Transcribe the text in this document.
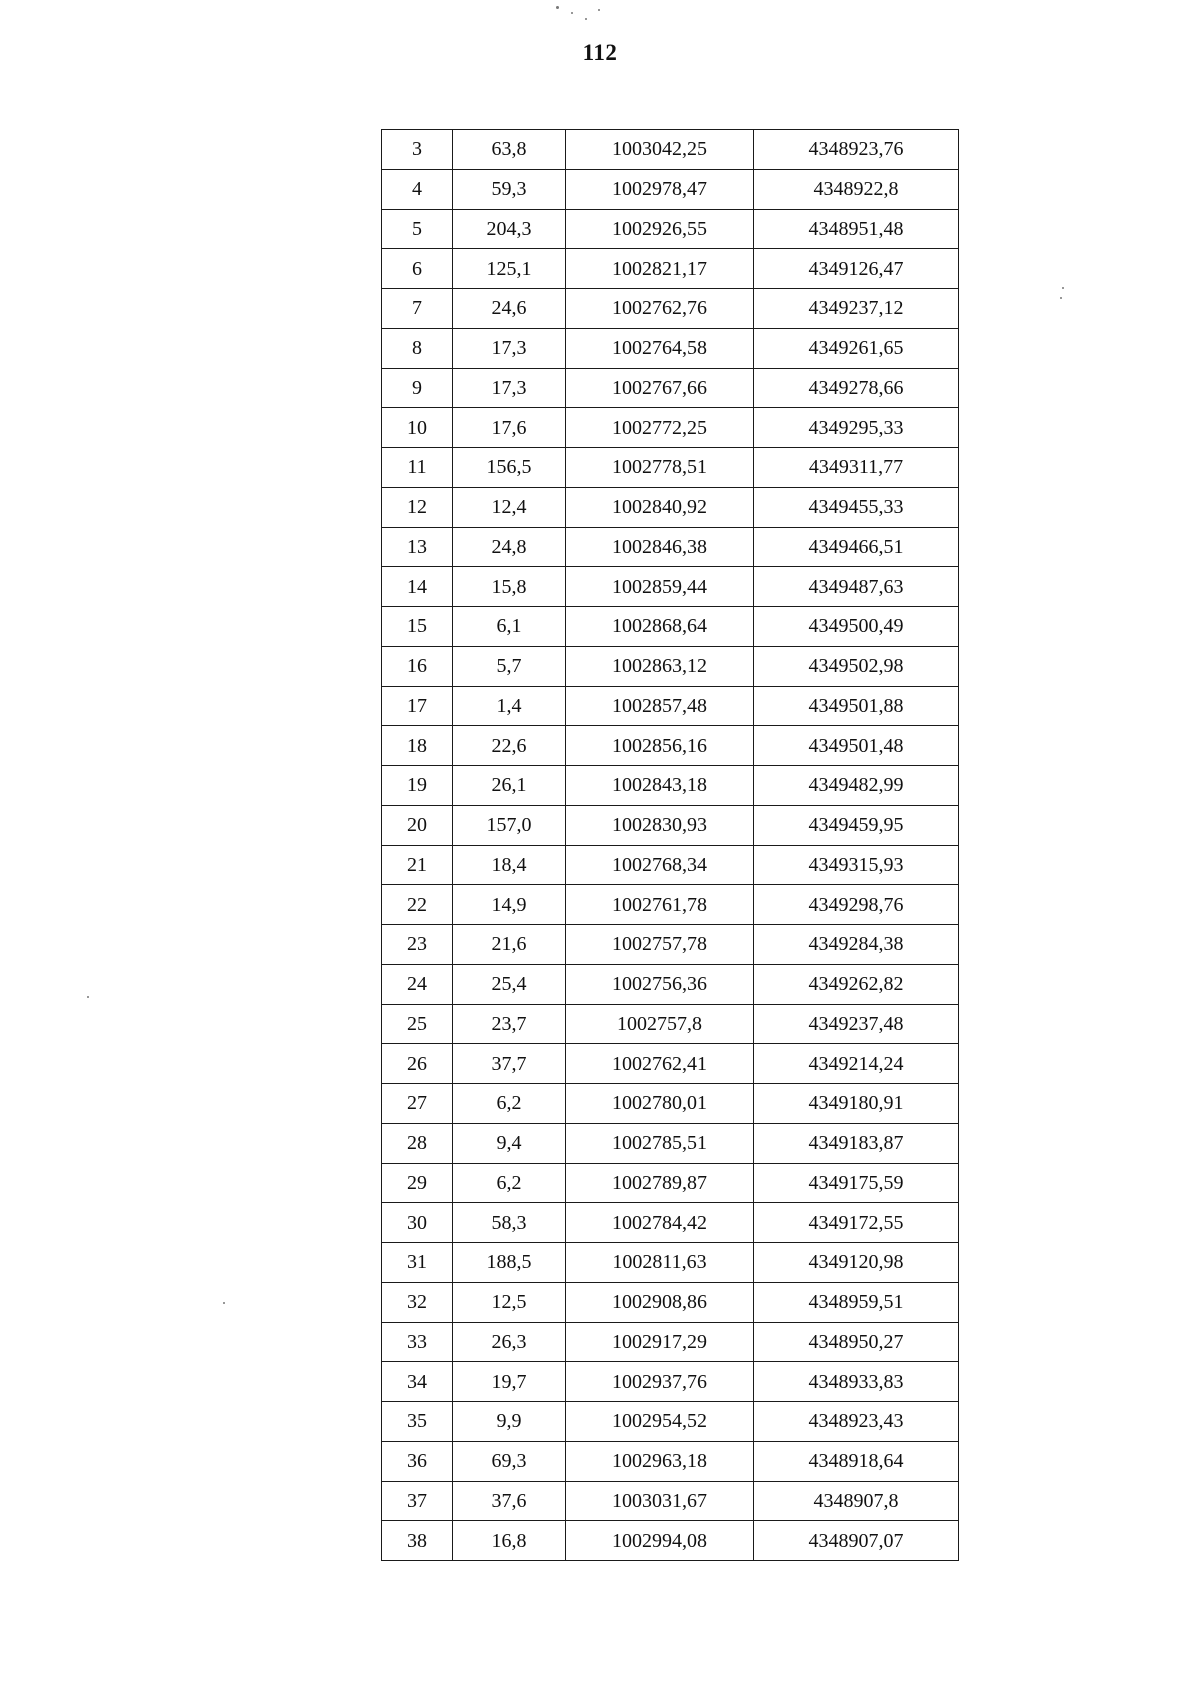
112
3	63,8	1003042,25	4348923,76
4	59,3	1002978,47	4348922,8
5	204,3	1002926,55	4348951,48
6	125,1	1002821,17	4349126,47
7	24,6	1002762,76	4349237,12
8	17,3	1002764,58	4349261,65
9	17,3	1002767,66	4349278,66
10	17,6	1002772,25	4349295,33
11	156,5	1002778,51	4349311,77
12	12,4	1002840,92	4349455,33
13	24,8	1002846,38	4349466,51
14	15,8	1002859,44	4349487,63
15	6,1	1002868,64	4349500,49
16	5,7	1002863,12	4349502,98
17	1,4	1002857,48	4349501,88
18	22,6	1002856,16	4349501,48
19	26,1	1002843,18	4349482,99
20	157,0	1002830,93	4349459,95
21	18,4	1002768,34	4349315,93
22	14,9	1002761,78	4349298,76
23	21,6	1002757,78	4349284,38
24	25,4	1002756,36	4349262,82
25	23,7	1002757,8	4349237,48
26	37,7	1002762,41	4349214,24
27	6,2	1002780,01	4349180,91
28	9,4	1002785,51	4349183,87
29	6,2	1002789,87	4349175,59
30	58,3	1002784,42	4349172,55
31	188,5	1002811,63	4349120,98
32	12,5	1002908,86	4348959,51
33	26,3	1002917,29	4348950,27
34	19,7	1002937,76	4348933,83
35	9,9	1002954,52	4348923,43
36	69,3	1002963,18	4348918,64
37	37,6	1003031,67	4348907,8
38	16,8	1002994,08	4348907,07
